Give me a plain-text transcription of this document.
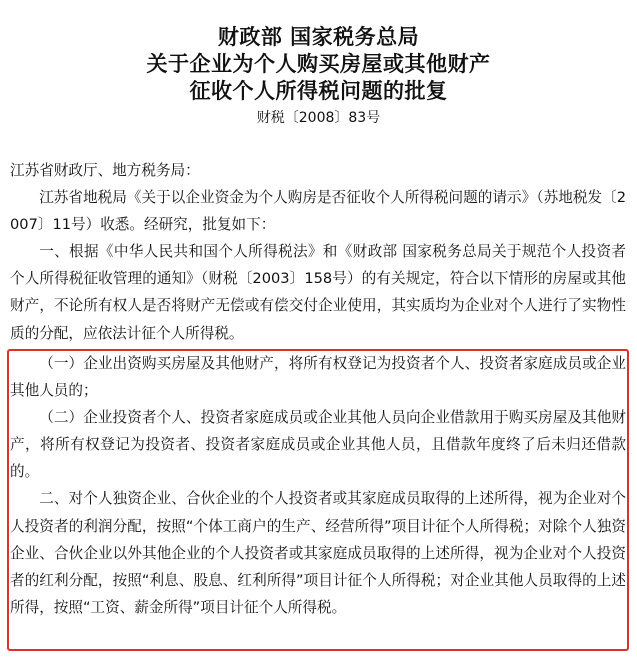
财政部 国家税务总局
关于企业为个人购买房屋或其他财产
征收个人所得税问题的批复
财税〔2008〕83号

江苏省财政厅、地方税务局：

江苏省地税局《关于以企业资金为个人购房是否征收个人所得税问题的请示》（苏地税发〔2007〕11号）收悉。经研究，批复如下：

一、根据《中华人民共和国个人所得税法》和《财政部 国家税务总局关于规范个人投资者个人所得税征收管理的通知》（财税〔2003〕158号）的有关规定，符合以下情形的房屋或其他财产，不论所有权人是否将财产无偿或有偿交付企业使用，其实质均为企业对个人进行了实物性质的分配，应依法计征个人所得税。

（一）企业出资购买房屋及其他财产，将所有权登记为投资者个人、投资者家庭成员或企业其他人员的；

（二）企业投资者个人、投资者家庭成员或企业其他人员向企业借款用于购买房屋及其他财产，将所有权登记为投资者、投资者家庭成员或企业其他人员，且借款年度终了后未归还借款的。

二、对个人独资企业、合伙企业的个人投资者或其家庭成员取得的上述所得，视为企业对个人投资者的利润分配，按照“个体工商户的生产、经营所得”项目计征个人所得税；对除个人独资企业、合伙企业以外其他企业的个人投资者或其家庭成员取得的上述所得，视为企业对个人投资者的红利分配，按照“利息、股息、红利所得”项目计征个人所得税；对企业其他人员取得的上述所得，按照“工资、薪金所得”项目计征个人所得税。
